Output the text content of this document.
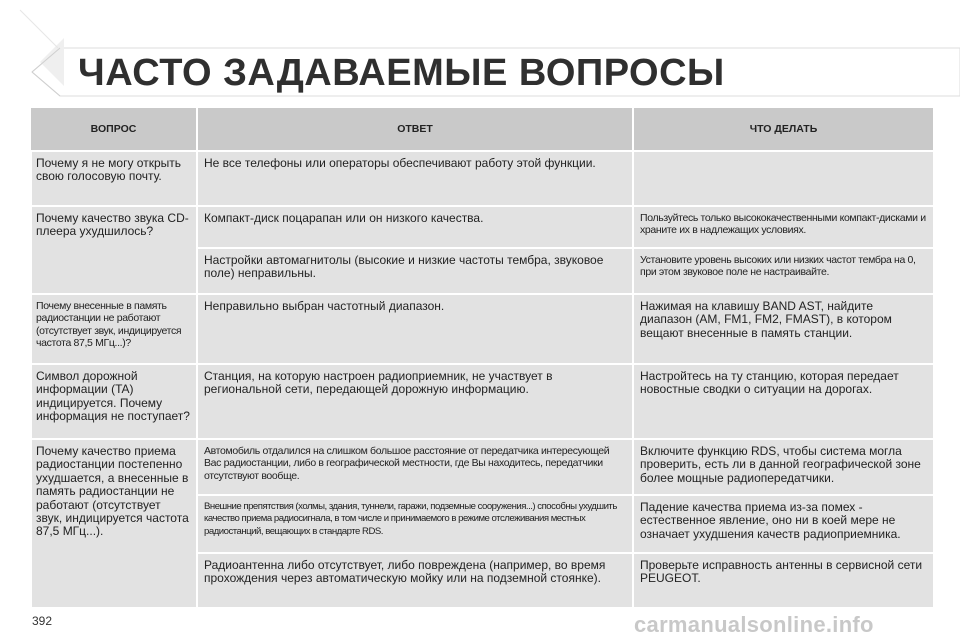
ЧАСТО ЗАДАВАЕМЫЕ ВОПРОСЫ
ВОПРОС	ОТВЕТ	ЧТО ДЕЛАТЬ
Почему я не могу открыть свою голосовую почту.	Не все телефоны или операторы обеспечивают работу этой функции.	
Почему качество звука CD-плеера ухудшилось?	Компакт-диск поцарапан или он низкого качества.	Пользуйтесь только высококачественными компакт-дисками и храните их в надлежащих условиях.
	Настройки автомагнитолы (высокие и низкие частоты тембра, звуковое поле) неправильны.	Установите уровень высоких или низких частот тембра на 0, при этом звуковое поле не настраивайте.
Почему внесенные в память радиостанции не работают (отсутствует звук, индицируется частота 87,5 МГц...)?	Неправильно выбран частотный диапазон.	Нажимая на клавишу BAND AST, найдите диапазон (AM, FM1, FM2, FMAST), в котором вещают внесенные в память станции.
Символ дорожной информации (TA) индицируется. Почему информация не поступает?	Станция, на которую настроен радиоприемник, не участвует в региональной сети, передающей дорожную информацию.	Настройтесь на ту станцию, которая передает новостные сводки о ситуации на дорогах.
Почему качество приема радиостанции постепенно ухудшается, а внесенные в память радиостанции не работают (отсутствует звук, индицируется частота 87,5 МГц...).	Автомобиль отдалился на слишком большое расстояние от передатчика интересующей Вас радиостанции, либо в географической местности, где Вы находитесь, передатчики отсутствуют вообще.	Включите функцию RDS, чтобы система могла проверить, есть ли в данной географической зоне более мощные радиопередатчики.
	Внешние препятствия (холмы, здания, туннели, гаражи, подземные сооружения...) способны ухудшить качество приема радиосигнала, в том числе и принимаемого в режиме отслеживания местных радиостанций, вещающих в стандарте RDS.	Падение качества приема из-за помех - естественное явление, оно ни в коей мере не означает ухудшения качеств радиоприемника.
	Радиоантенна либо отсутствует, либо повреждена (например, во время прохождения через автоматическую мойку или на подземной стоянке).	Проверьте исправность антенны в сервисной сети PEUGEOT.
392	carmanualsonline.info
